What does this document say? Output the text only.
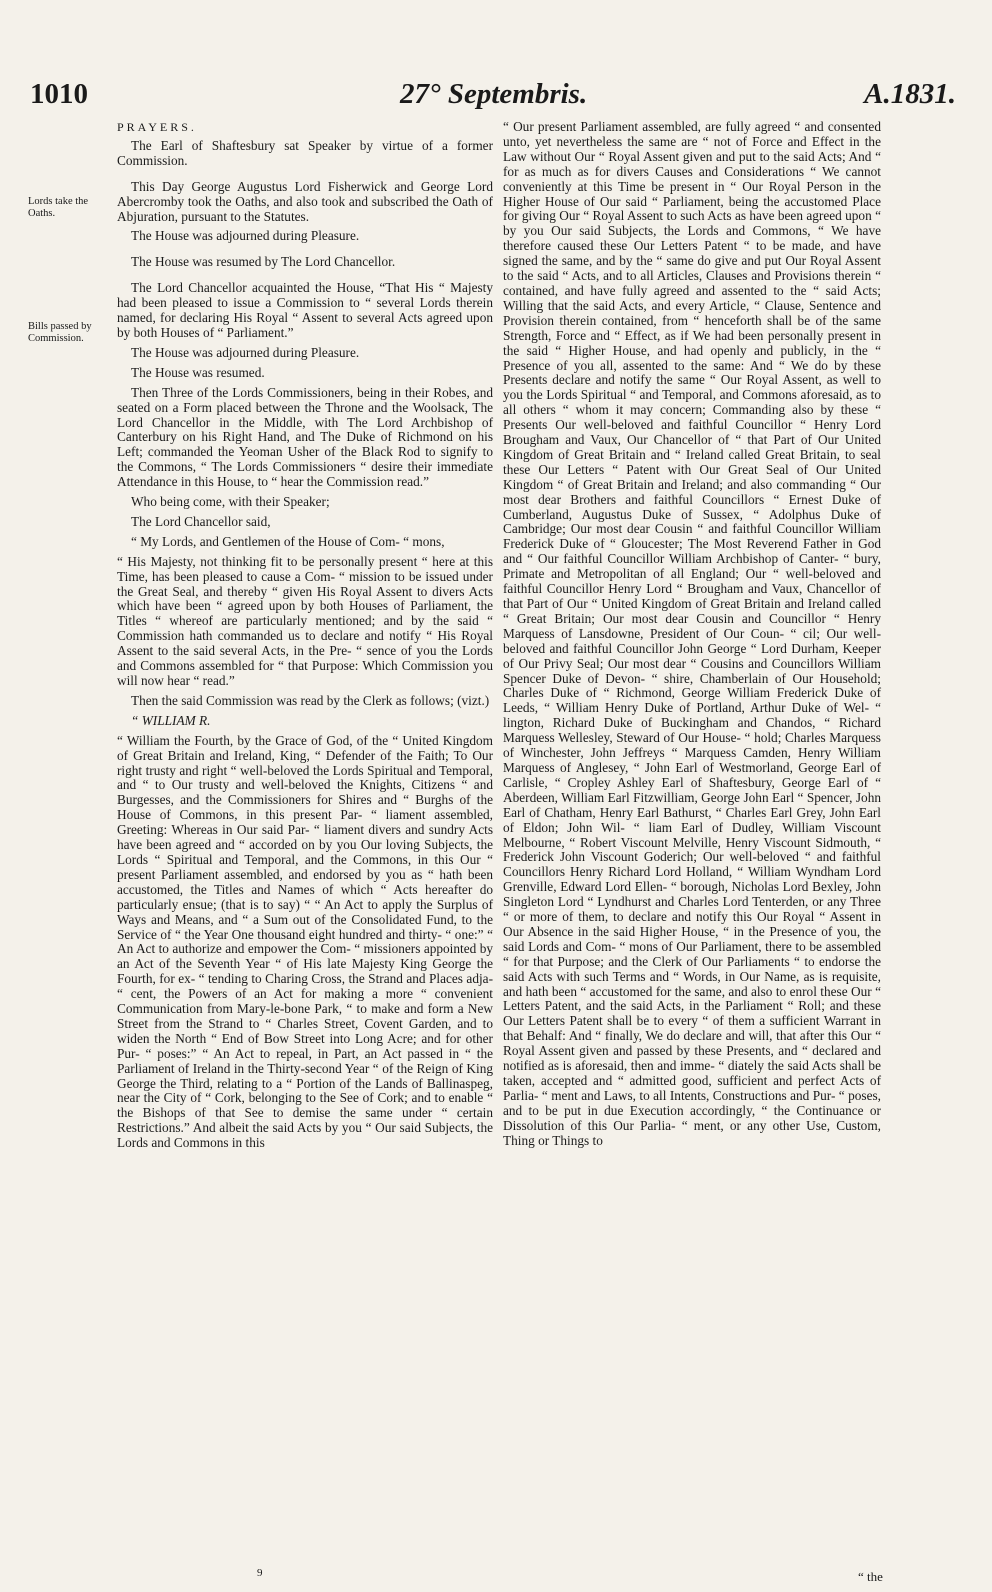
1010	27° Septembris.	A.1831.
Lords take the Oaths.
Bills passed by Commission.

PRAYERS.

The Earl of Shaftesbury sat Speaker by virtue of a former Commission.

This Day George Augustus Lord Fisherwick and George Lord Abercromby took the Oaths, and also took and subscribed the Oath of Abjuration, pursuant to the Statutes.

The House was adjourned during Pleasure.

The House was resumed by The Lord Chancellor.

The Lord Chancellor acquainted the House, “That His “ Majesty had been pleased to issue a Commission to “ several Lords therein named, for declaring His Royal “ Assent to several Acts agreed upon by both Houses of “ Parliament.”

The House was adjourned during Pleasure.

The House was resumed.

Then Three of the Lords Commissioners, being in their Robes, and seated on a Form placed between the Throne and the Woolsack, The Lord Chancellor in the Middle, with The Lord Archbishop of Canterbury on his Right Hand, and The Duke of Richmond on his Left; commanded the Yeoman Usher of the Black Rod to signify to the Commons, “ The Lords Commissioners “ desire their immediate Attendance in this House, to “ hear the Commission read.”

Who being come, with their Speaker;

The Lord Chancellor said,

“ My Lords, and Gentlemen of the House of Com- “ mons,

“ His Majesty, not thinking fit to be personally present “ here at this Time, has been pleased to cause a Com- “ mission to be issued under the Great Seal, and thereby “ given His Royal Assent to divers Acts which have been “ agreed upon by both Houses of Parliament, the Titles “ whereof are particularly mentioned; and by the said “ Commission hath commanded us to declare and notify “ His Royal Assent to the said several Acts, in the Pre- “ sence of you the Lords and Commons assembled for “ that Purpose: Which Commission you will now hear “ read.”

Then the said Commission was read by the Clerk as follows; (vizt.)

“ WILLIAM R.

“ William the Fourth, by the Grace of God, of the “ United Kingdom of Great Britain and Ireland, King, “ Defender of the Faith; To Our right trusty and right “ well-beloved the Lords Spiritual and Temporal, and “ to Our trusty and well-beloved the Knights, Citizens “ and Burgesses, and the Commissioners for Shires and “ Burghs of the House of Commons, in this present Par- “ liament assembled, Greeting: Whereas in Our said Par- “ liament divers and sundry Acts have been agreed and “ accorded on by you Our loving Subjects, the Lords “ Spiritual and Temporal, and the Commons, in this Our “ present Parliament assembled, and endorsed by you as “ hath been accustomed, the Titles and Names of which “ Acts hereafter do particularly ensue; (that is to say) “ “ An Act to apply the Surplus of Ways and Means, and “ a Sum out of the Consolidated Fund, to the Service of “ the Year One thousand eight hundred and thirty- “ one:” “ An Act to authorize and empower the Com- “ missioners appointed by an Act of the Seventh Year “ of His late Majesty King George the Fourth, for ex- “ tending to Charing Cross, the Strand and Places adja- “ cent, the Powers of an Act for making a more “ convenient Communication from Mary-le-bone Park, “ to make and form a New Street from the Strand to “ Charles Street, Covent Garden, and to widen the North “ End of Bow Street into Long Acre; and for other Pur- “ poses:” “ An Act to repeal, in Part, an Act passed in “ the Parliament of Ireland in the Thirty-second Year “ of the Reign of King George the Third, relating to a “ Portion of the Lands of Ballinaspeg, near the City of “ Cork, belonging to the See of Cork; and to enable “ the Bishops of that See to demise the same under “ certain Restrictions.” And albeit the said Acts by you “ Our said Subjects, the Lords and Commons in this

“ Our present Parliament assembled, are fully agreed “ and consented unto, yet nevertheless the same are “ not of Force and Effect in the Law without Our “ Royal Assent given and put to the said Acts; And “ for as much as for divers Causes and Considerations “ We cannot conveniently at this Time be present in “ Our Royal Person in the Higher House of Our said “ Parliament, being the accustomed Place for giving Our “ Royal Assent to such Acts as have been agreed upon “ by you Our said Subjects, the Lords and Commons, “ We have therefore caused these Our Letters Patent “ to be made, and have signed the same, and by the “ same do give and put Our Royal Assent to the said “ Acts, and to all Articles, Clauses and Provisions therein “ contained, and have fully agreed and assented to the “ said Acts; Willing that the said Acts, and every Article, “ Clause, Sentence and Provision therein contained, from “ henceforth shall be of the same Strength, Force and “ Effect, as if We had been personally present in the said “ Higher House, and had openly and publicly, in the “ Presence of you all, assented to the same: And “ We do by these Presents declare and notify the same “ Our Royal Assent, as well to you the Lords Spiritual “ and Temporal, and Commons aforesaid, as to all others “ whom it may concern; Commanding also by these “ Presents Our well-beloved and faithful Councillor “ Henry Lord Brougham and Vaux, Our Chancellor of “ that Part of Our United Kingdom of Great Britain and “ Ireland called Great Britain, to seal these Our Letters “ Patent with Our Great Seal of Our United Kingdom “ of Great Britain and Ireland; and also commanding “ Our most dear Brothers and faithful Councillors “ Ernest Duke of Cumberland, Augustus Duke of Sussex, “ Adolphus Duke of Cambridge; Our most dear Cousin “ and faithful Councillor William Frederick Duke of “ Gloucester; The Most Reverend Father in God and “ Our faithful Councillor William Archbishop of Canter- “ bury, Primate and Metropolitan of all England; Our “ well-beloved and faithful Councillor Henry Lord “ Brougham and Vaux, Chancellor of that Part of Our “ United Kingdom of Great Britain and Ireland called “ Great Britain; Our most dear Cousin and Councillor “ Henry Marquess of Lansdowne, President of Our Coun- “ cil; Our well-beloved and faithful Councillor John George “ Lord Durham, Keeper of Our Privy Seal; Our most dear “ Cousins and Councillors William Spencer Duke of Devon- “ shire, Chamberlain of Our Household; Charles Duke of “ Richmond, George William Frederick Duke of Leeds, “ William Henry Duke of Portland, Arthur Duke of Wel- “ lington, Richard Duke of Buckingham and Chandos, “ Richard Marquess Wellesley, Steward of Our House- “ hold; Charles Marquess of Winchester, John Jeffreys “ Marquess Camden, Henry William Marquess of Anglesey, “ John Earl of Westmorland, George Earl of Carlisle, “ Cropley Ashley Earl of Shaftesbury, George Earl of “ Aberdeen, William Earl Fitzwilliam, George John Earl “ Spencer, John Earl of Chatham, Henry Earl Bathurst, “ Charles Earl Grey, John Earl of Eldon; John Wil- “ liam Earl of Dudley, William Viscount Melbourne, “ Robert Viscount Melville, Henry Viscount Sidmouth, “ Frederick John Viscount Goderich; Our well-beloved “ and faithful Councillors Henry Richard Lord Holland, “ William Wyndham Lord Grenville, Edward Lord Ellen- “ borough, Nicholas Lord Bexley, John Singleton Lord “ Lyndhurst and Charles Lord Tenterden, or any Three “ or more of them, to declare and notify this Our Royal “ Assent in Our Absence in the said Higher House, “ in the Presence of you, the said Lords and Com- “ mons of Our Parliament, there to be assembled “ for that Purpose; and the Clerk of Our Parliaments “ to endorse the said Acts with such Terms and “ Words, in Our Name, as is requisite, and hath been “ accustomed for the same, and also to enrol these Our “ Letters Patent, and the said Acts, in the Parliament “ Roll; and these Our Letters Patent shall be to every “ of them a sufficient Warrant in that Behalf: And “ finally, We do declare and will, that after this Our “ Royal Assent given and passed by these Presents, and “ declared and notified as is aforesaid, then and imme- “ diately the said Acts shall be taken, accepted and “ admitted good, sufficient and perfect Acts of Parlia- “ ment and Laws, to all Intents, Constructions and Pur- “ poses, and to be put in due Execution accordingly, “ the Continuance or Dissolution of this Our Parlia- “ ment, or any other Use, Custom, Thing or Things to

9	“ the
